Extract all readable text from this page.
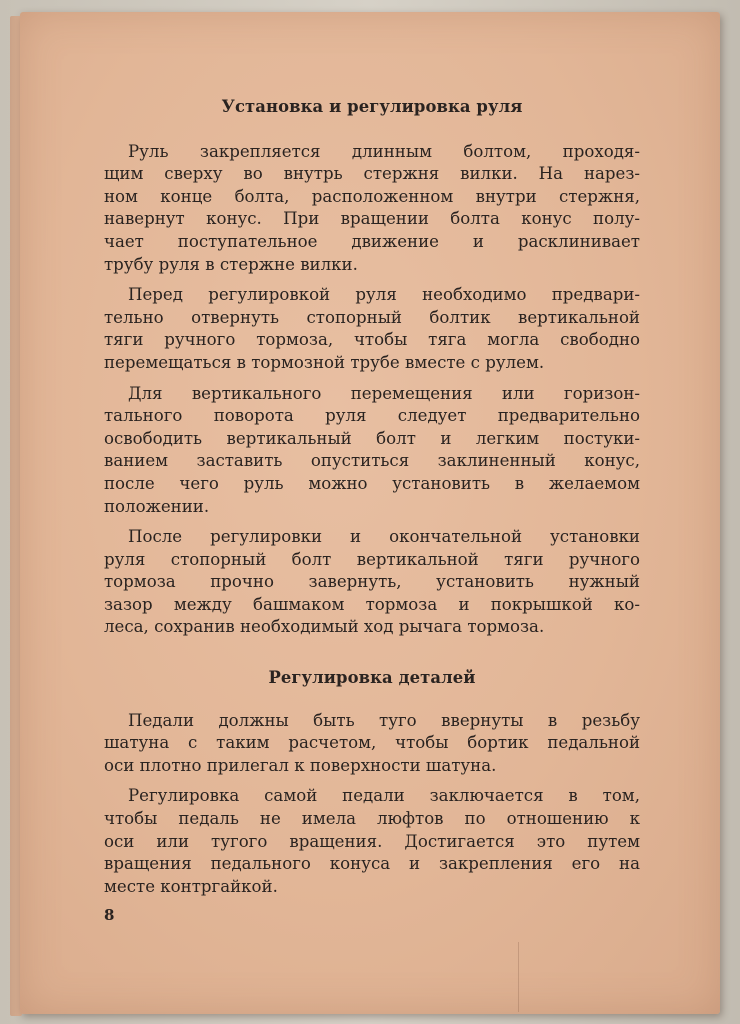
Установка и регулировка руля
Руль закрепляется длинным болтом, проходя-
щим сверху во внутрь стержня вилки. На нарез-
ном конце болта, расположенном внутри стержня,
навернут конус. При вращении болта конус полу-
чает поступательное движение и расклинивает
трубу руля в стержне вилки.
Перед регулировкой руля необходимо предвари-
тельно отвернуть стопорный болтик вертикальной
тяги ручного тормоза, чтобы тяга могла свободно
перемещаться в тормозной трубе вместе с рулем.
Для вертикального перемещения или горизон-
тального поворота руля следует предварительно
освободить вертикальный болт и легким постуки-
ванием заставить опуститься заклиненный конус,
после чего руль можно установить в желаемом
положении.
После регулировки и окончательной установки
руля стопорный болт вертикальной тяги ручного
тормоза прочно завернуть, установить нужный
зазор между башмаком тормоза и покрышкой ко-
леса, сохранив необходимый ход рычага тормоза.
Регулировка деталей
Педали должны быть туго ввернуты в резьбу
шатуна с таким расчетом, чтобы бортик педальной
оси плотно прилегал к поверхности шатуна.
Регулировка самой педали заключается в том,
чтобы педаль не имела люфтов по отношению к
оси или тугого вращения. Достигается это путем
вращения педального конуса и закрепления его на
месте контргайкой.
8
